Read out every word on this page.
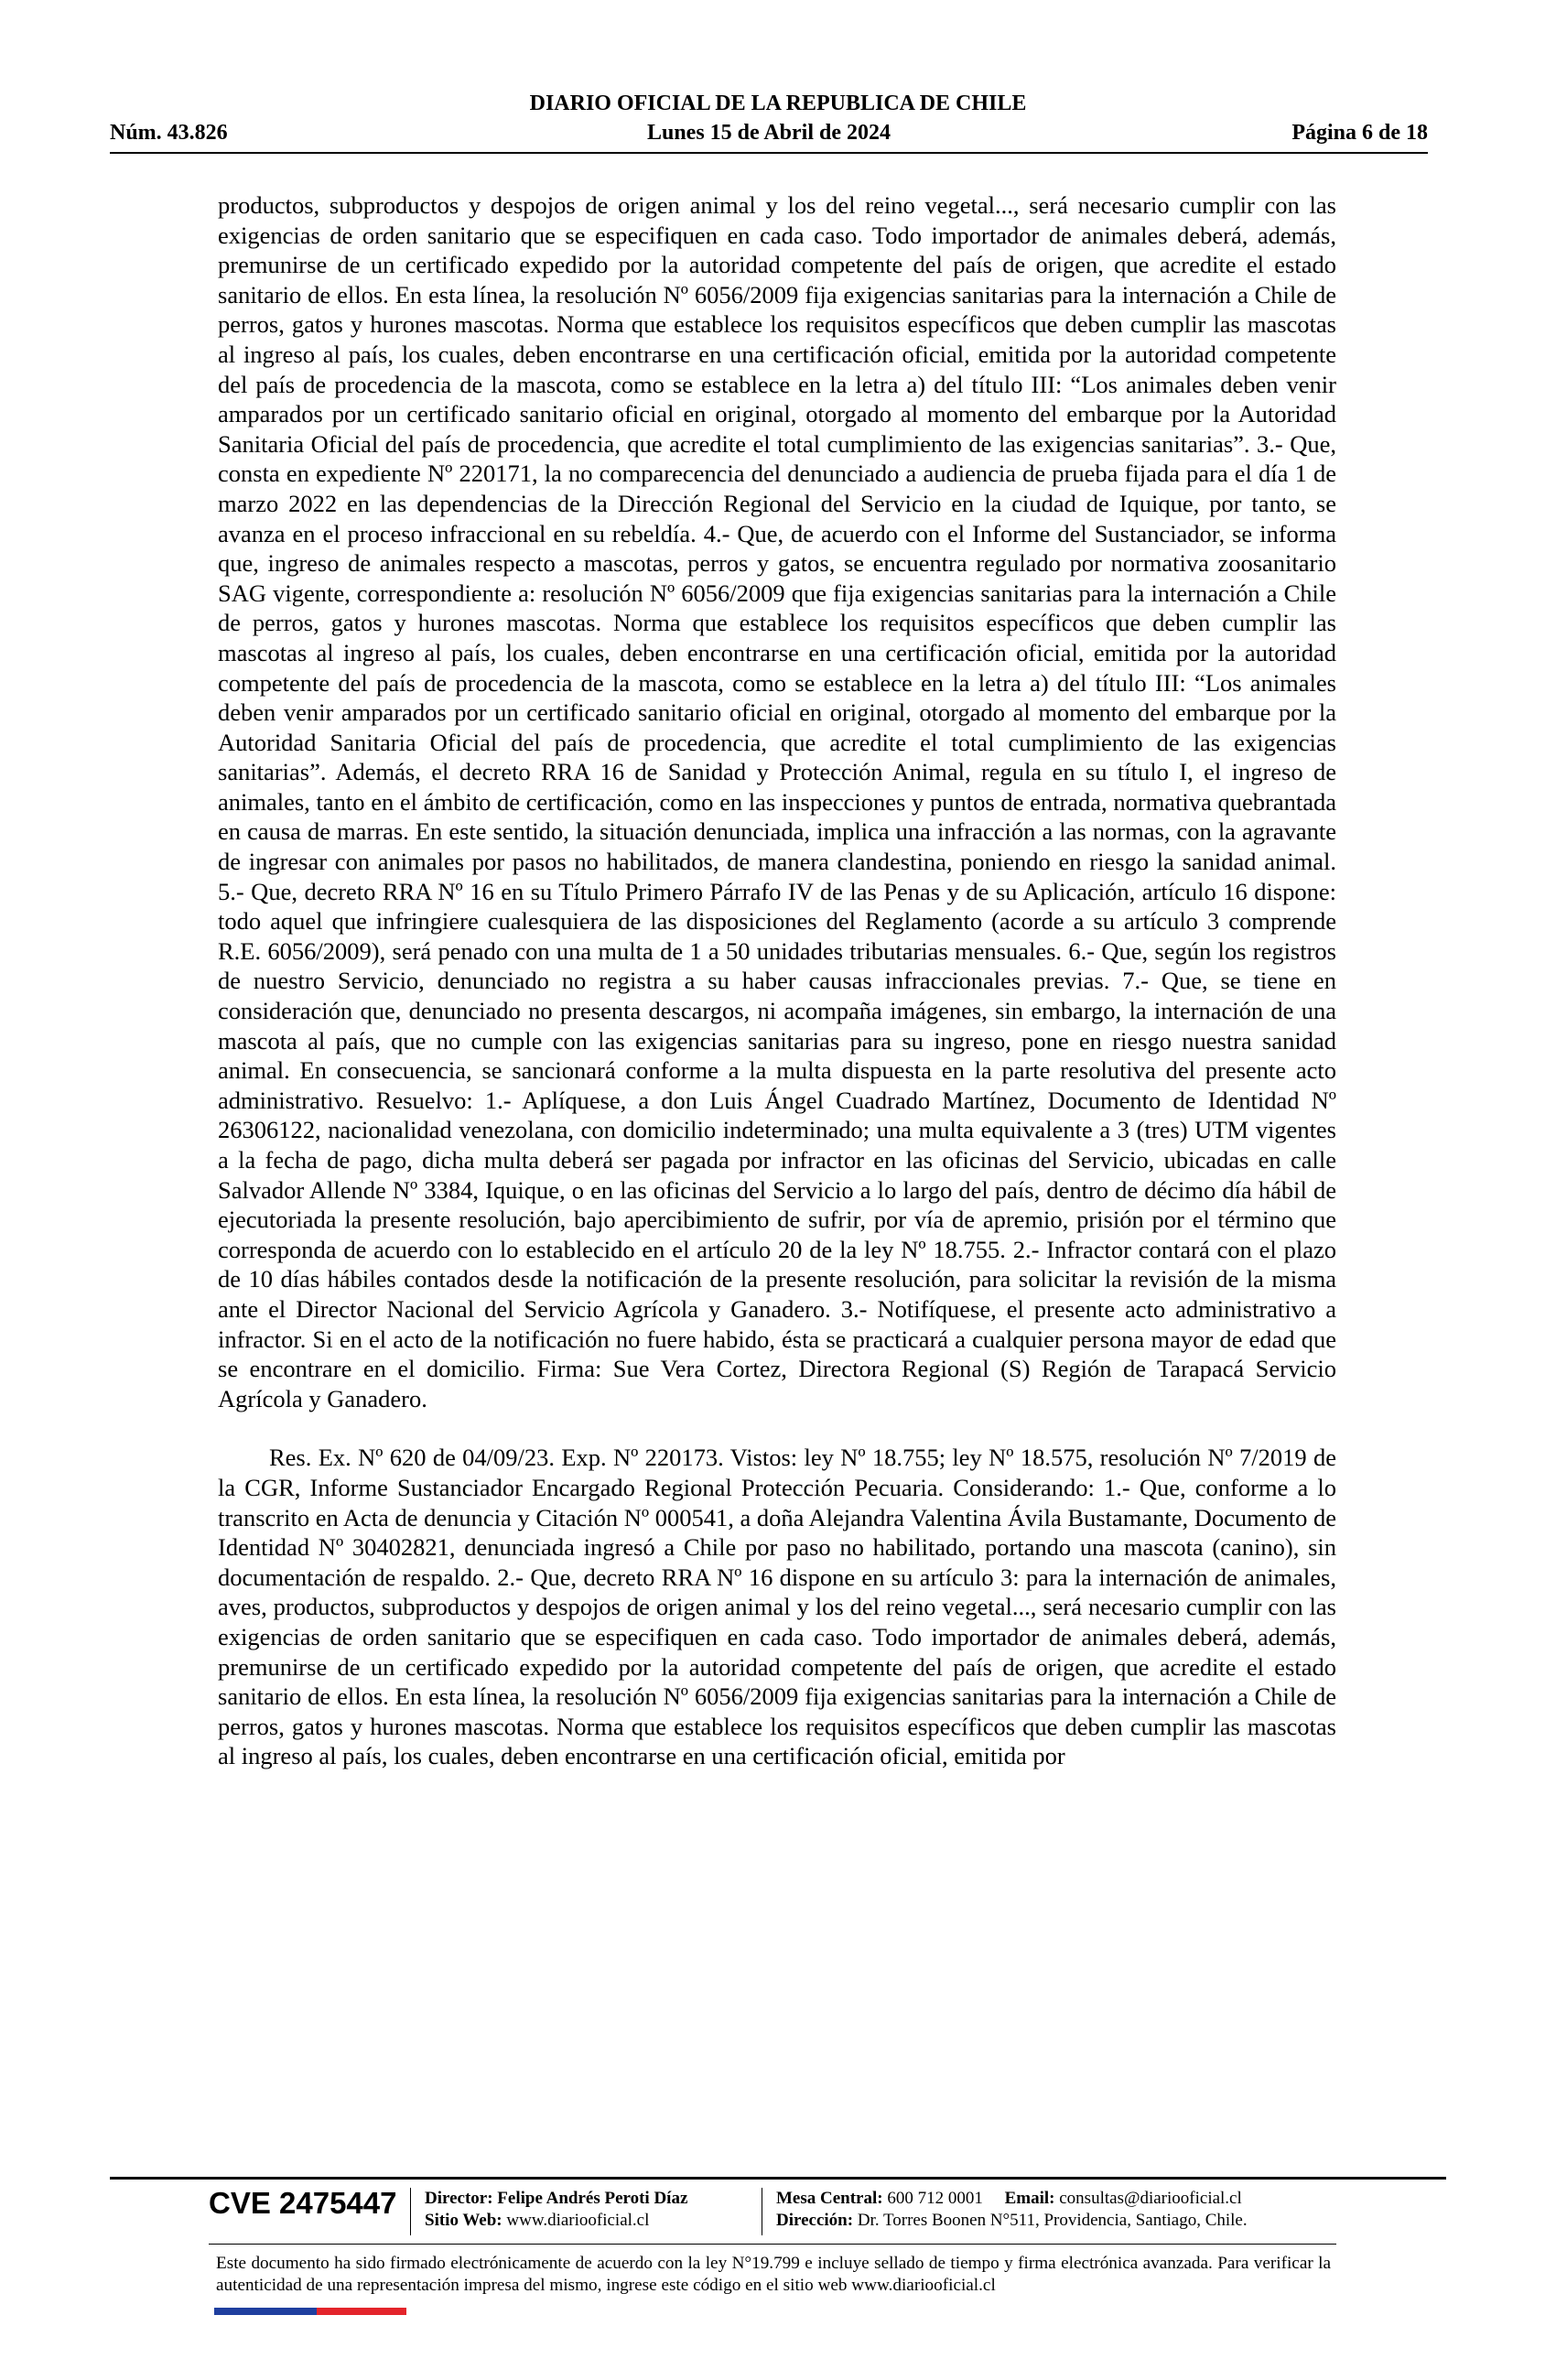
DIARIO OFICIAL DE LA REPUBLICA DE CHILE
Núm. 43.826	Lunes 15 de Abril de 2024	Página 6 de 18

productos, subproductos y despojos de origen animal y los del reino vegetal..., será necesario cumplir con las exigencias de orden sanitario que se especifiquen en cada caso. Todo importador de animales deberá, además, premunirse de un certificado expedido por la autoridad competente del país de origen, que acredite el estado sanitario de ellos. En esta línea, la resolución Nº 6056/2009 fija exigencias sanitarias para la internación a Chile de perros, gatos y hurones mascotas. Norma que establece los requisitos específicos que deben cumplir las mascotas al ingreso al país, los cuales, deben encontrarse en una certificación oficial, emitida por la autoridad competente del país de procedencia de la mascota, como se establece en la letra a) del título III: “Los animales deben venir amparados por un certificado sanitario oficial en original, otorgado al momento del embarque por la Autoridad Sanitaria Oficial del país de procedencia, que acredite el total cumplimiento de las exigencias sanitarias”. 3.- Que, consta en expediente Nº 220171, la no comparecencia del denunciado a audiencia de prueba fijada para el día 1 de marzo 2022 en las dependencias de la Dirección Regional del Servicio en la ciudad de Iquique, por tanto, se avanza en el proceso infraccional en su rebeldía. 4.- Que, de acuerdo con el Informe del Sustanciador, se informa que, ingreso de animales respecto a mascotas, perros y gatos, se encuentra regulado por normativa zoosanitario SAG vigente, correspondiente a: resolución Nº 6056/2009 que fija exigencias sanitarias para la internación a Chile de perros, gatos y hurones mascotas. Norma que establece los requisitos específicos que deben cumplir las mascotas al ingreso al país, los cuales, deben encontrarse en una certificación oficial, emitida por la autoridad competente del país de procedencia de la mascota, como se establece en la letra a) del título III: “Los animales deben venir amparados por un certificado sanitario oficial en original, otorgado al momento del embarque por la Autoridad Sanitaria Oficial del país de procedencia, que acredite el total cumplimiento de las exigencias sanitarias”. Además, el decreto RRA 16 de Sanidad y Protección Animal, regula en su título I, el ingreso de animales, tanto en el ámbito de certificación, como en las inspecciones y puntos de entrada, normativa quebrantada en causa de marras. En este sentido, la situación denunciada, implica una infracción a las normas, con la agravante de ingresar con animales por pasos no habilitados, de manera clandestina, poniendo en riesgo la sanidad animal. 5.- Que, decreto RRA Nº 16 en su Título Primero Párrafo IV de las Penas y de su Aplicación, artículo 16 dispone: todo aquel que infringiere cualesquiera de las disposiciones del Reglamento (acorde a su artículo 3 comprende R.E. 6056/2009), será penado con una multa de 1 a 50 unidades tributarias mensuales. 6.- Que, según los registros de nuestro Servicio, denunciado no registra a su haber causas infraccionales previas. 7.- Que, se tiene en consideración que, denunciado no presenta descargos, ni acompaña imágenes, sin embargo, la internación de una mascota al país, que no cumple con las exigencias sanitarias para su ingreso, pone en riesgo nuestra sanidad animal. En consecuencia, se sancionará conforme a la multa dispuesta en la parte resolutiva del presente acto administrativo. Resuelvo: 1.- Aplíquese, a don Luis Ángel Cuadrado Martínez, Documento de Identidad Nº 26306122, nacionalidad venezolana, con domicilio indeterminado; una multa equivalente a 3 (tres) UTM vigentes a la fecha de pago, dicha multa deberá ser pagada por infractor en las oficinas del Servicio, ubicadas en calle Salvador Allende Nº 3384, Iquique, o en las oficinas del Servicio a lo largo del país, dentro de décimo día hábil de ejecutoriada la presente resolución, bajo apercibimiento de sufrir, por vía de apremio, prisión por el término que corresponda de acuerdo con lo establecido en el artículo 20 de la ley Nº 18.755. 2.- Infractor contará con el plazo de 10 días hábiles contados desde la notificación de la presente resolución, para solicitar la revisión de la misma ante el Director Nacional del Servicio Agrícola y Ganadero. 3.- Notifíquese, el presente acto administrativo a infractor. Si en el acto de la notificación no fuere habido, ésta se practicará a cualquier persona mayor de edad que se encontrare en el domicilio. Firma: Sue Vera Cortez, Directora Regional (S) Región de Tarapacá Servicio Agrícola y Ganadero.

Res. Ex. Nº 620 de 04/09/23. Exp. Nº 220173. Vistos: ley Nº 18.755; ley Nº 18.575, resolución Nº 7/2019 de la CGR, Informe Sustanciador Encargado Regional Protección Pecuaria. Considerando: 1.- Que, conforme a lo transcrito en Acta de denuncia y Citación Nº 000541, a doña Alejandra Valentina Ávila Bustamante, Documento de Identidad Nº 30402821, denunciada ingresó a Chile por paso no habilitado, portando una mascota (canino), sin documentación de respaldo. 2.- Que, decreto RRA Nº 16 dispone en su artículo 3: para la internación de animales, aves, productos, subproductos y despojos de origen animal y los del reino vegetal..., será necesario cumplir con las exigencias de orden sanitario que se especifiquen en cada caso. Todo importador de animales deberá, además, premunirse de un certificado expedido por la autoridad competente del país de origen, que acredite el estado sanitario de ellos. En esta línea, la resolución Nº 6056/2009 fija exigencias sanitarias para la internación a Chile de perros, gatos y hurones mascotas. Norma que establece los requisitos específicos que deben cumplir las mascotas al ingreso al país, los cuales, deben encontrarse en una certificación oficial, emitida por

CVE 2475447 Director: Felipe Andrés Peroti Díaz
Sitio Web: www.diariooficial.cl
Mesa Central: 600 712 0001 Email: consultas@diariooficial.cl
Dirección: Dr. Torres Boonen N°511, Providencia, Santiago, Chile.
Este documento ha sido firmado electrónicamente de acuerdo con la ley N°19.799 e incluye sellado de tiempo y firma electrónica avanzada. Para verificar la autenticidad de una representación impresa del mismo, ingrese este código en el sitio web www.diariooficial.cl
